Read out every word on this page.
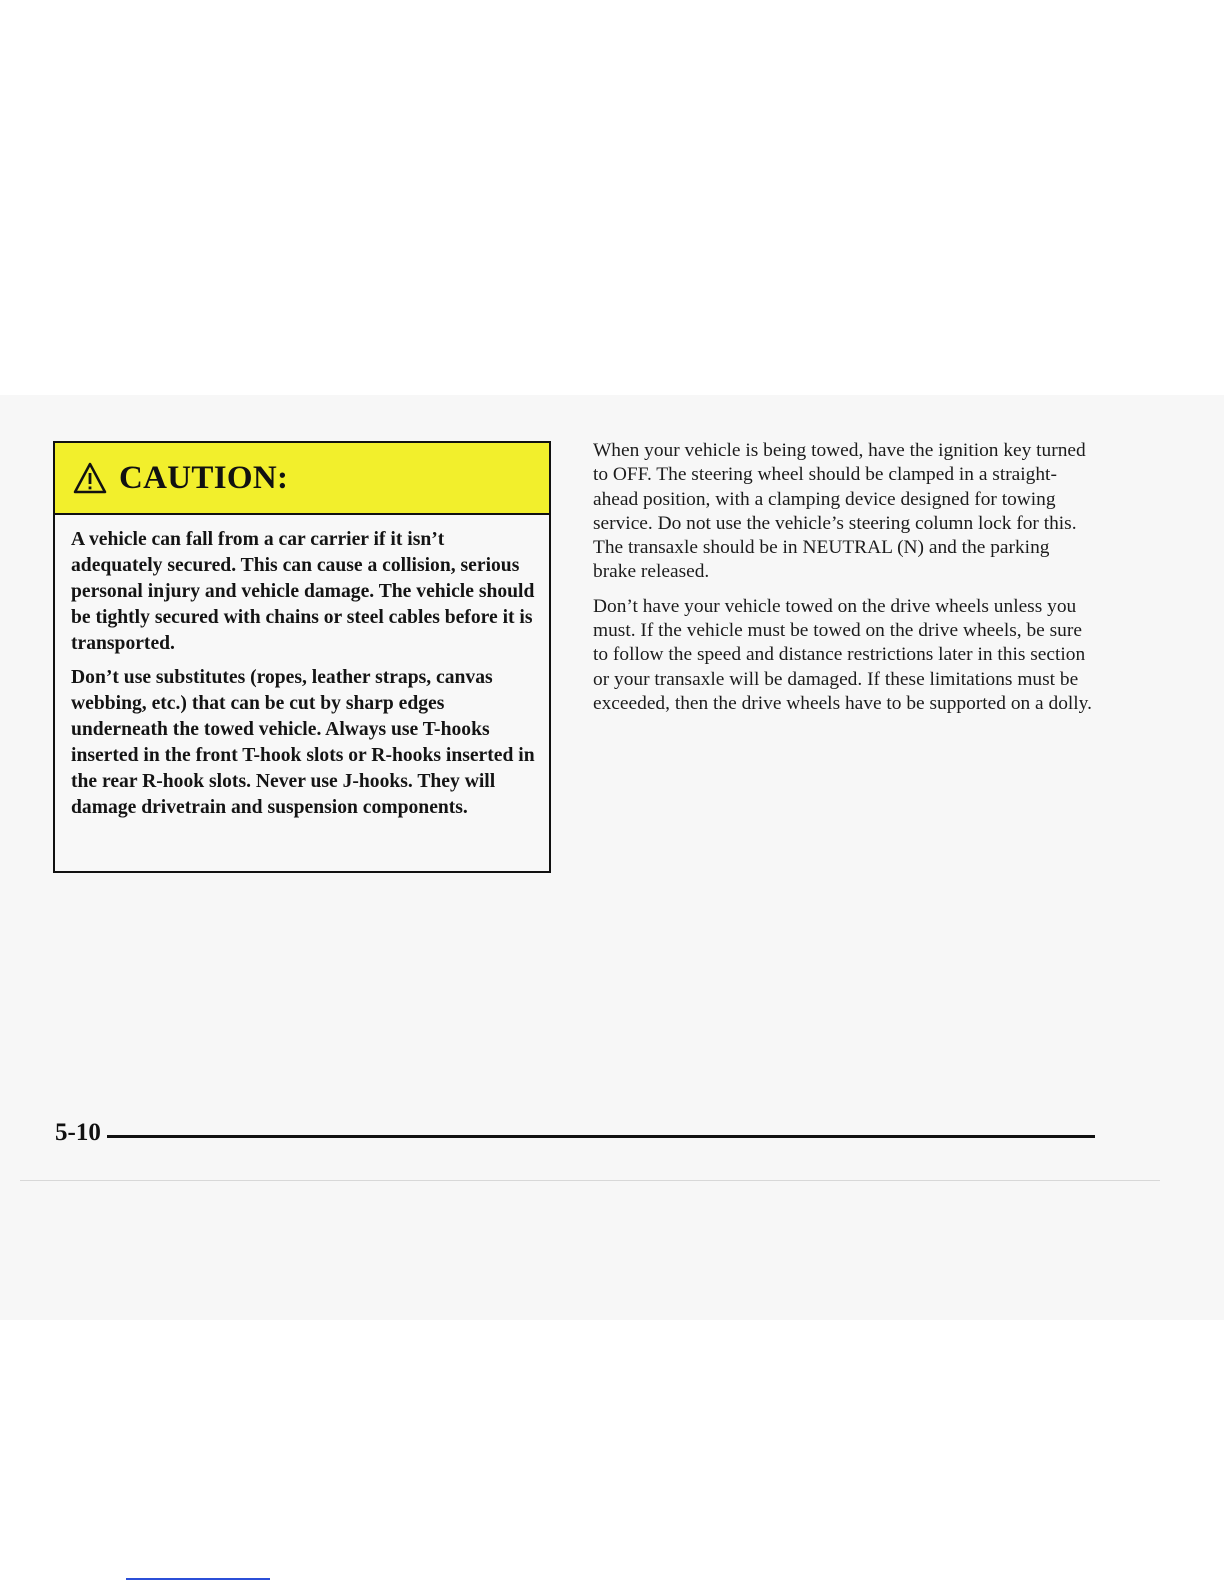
CAUTION:

A vehicle can fall from a car carrier if it isn’t adequately secured. This can cause a collision, serious personal injury and vehicle damage. The vehicle should be tightly secured with chains or steel cables before it is transported.

Don’t use substitutes (ropes, leather straps, canvas webbing, etc.) that can be cut by sharp edges underneath the towed vehicle. Always use T-hooks inserted in the front T-hook slots or R-hooks inserted in the rear R-hook slots. Never use J-hooks. They will damage drivetrain and suspension components.

When your vehicle is being towed, have the ignition key turned to OFF. The steering wheel should be clamped in a straight-ahead position, with a clamping device designed for towing service. Do not use the vehicle’s steering column lock for this. The transaxle should be in NEUTRAL (N) and the parking brake released.

Don’t have your vehicle towed on the drive wheels unless you must. If the vehicle must be towed on the drive wheels, be sure to follow the speed and distance restrictions later in this section or your transaxle will be damaged. If these limitations must be exceeded, then the drive wheels have to be supported on a dolly.

5-10
